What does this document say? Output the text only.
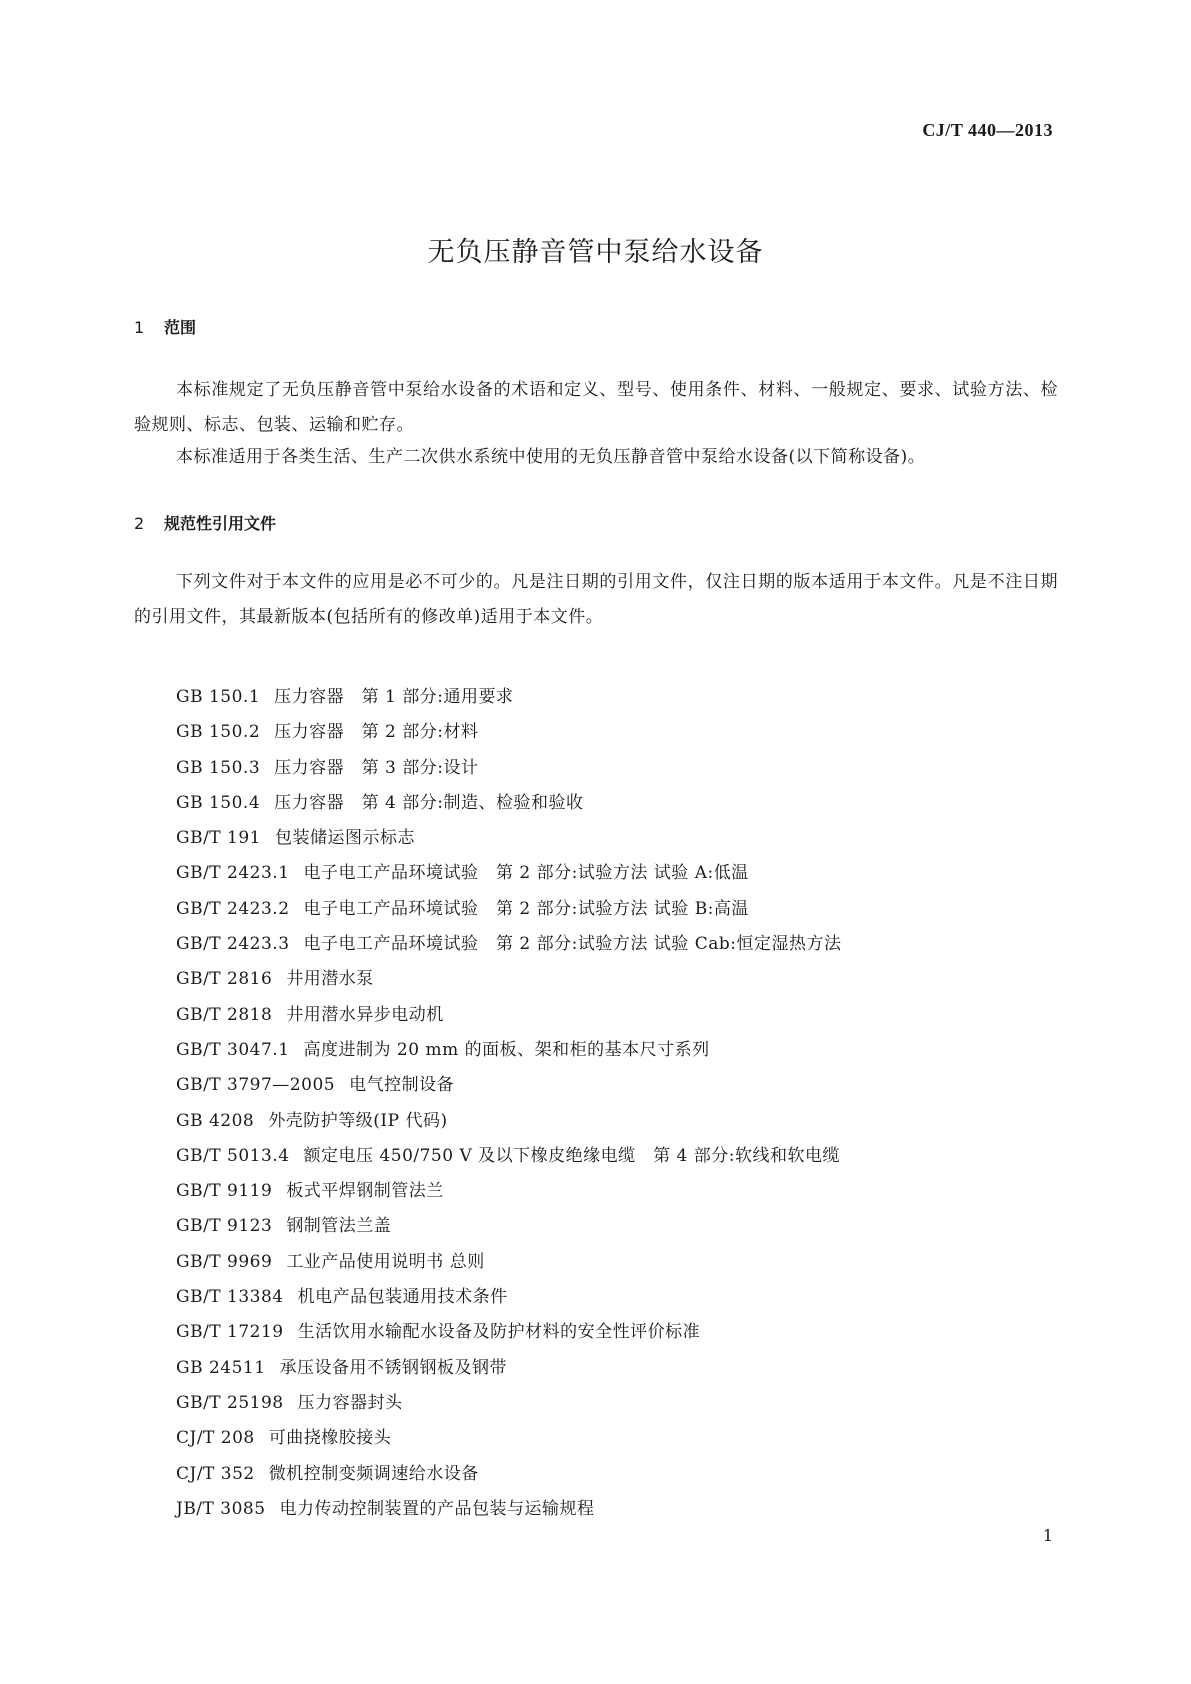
CJ/T 440—2013
无负压静音管中泵给水设备
1 范围
本标准规定了无负压静音管中泵给水设备的术语和定义、型号、使用条件、材料、一般规定、要求、试验方法、检验规则、标志、包装、运输和贮存。
本标准适用于各类生活、生产二次供水系统中使用的无负压静音管中泵给水设备(以下简称设备)。
2 规范性引用文件
下列文件对于本文件的应用是必不可少的。凡是注日期的引用文件，仅注日期的版本适用于本文件。凡是不注日期的引用文件，其最新版本(包括所有的修改单)适用于本文件。
GB 150.1 压力容器　第 1 部分:通用要求
GB 150.2 压力容器　第 2 部分:材料
GB 150.3 压力容器　第 3 部分:设计
GB 150.4 压力容器　第 4 部分:制造、检验和验收
GB/T 191 包装储运图示标志
GB/T 2423.1 电子电工产品环境试验　第 2 部分:试验方法 试验 A:低温
GB/T 2423.2 电子电工产品环境试验　第 2 部分:试验方法 试验 B:高温
GB/T 2423.3 电子电工产品环境试验　第 2 部分:试验方法 试验 Cab:恒定湿热方法
GB/T 2816 井用潜水泵
GB/T 2818 井用潜水异步电动机
GB/T 3047.1 高度进制为 20 mm 的面板、架和柜的基本尺寸系列
GB/T 3797—2005 电气控制设备
GB 4208 外壳防护等级(IP 代码)
GB/T 5013.4 额定电压 450/750 V 及以下橡皮绝缘电缆　第 4 部分:软线和软电缆
GB/T 9119 板式平焊钢制管法兰
GB/T 9123 钢制管法兰盖
GB/T 9969 工业产品使用说明书 总则
GB/T 13384 机电产品包装通用技术条件
GB/T 17219 生活饮用水输配水设备及防护材料的安全性评价标准
GB 24511 承压设备用不锈钢钢板及钢带
GB/T 25198 压力容器封头
CJ/T 208 可曲挠橡胶接头
CJ/T 352 微机控制变频调速给水设备
JB/T 3085 电力传动控制装置的产品包装与运输规程
1
